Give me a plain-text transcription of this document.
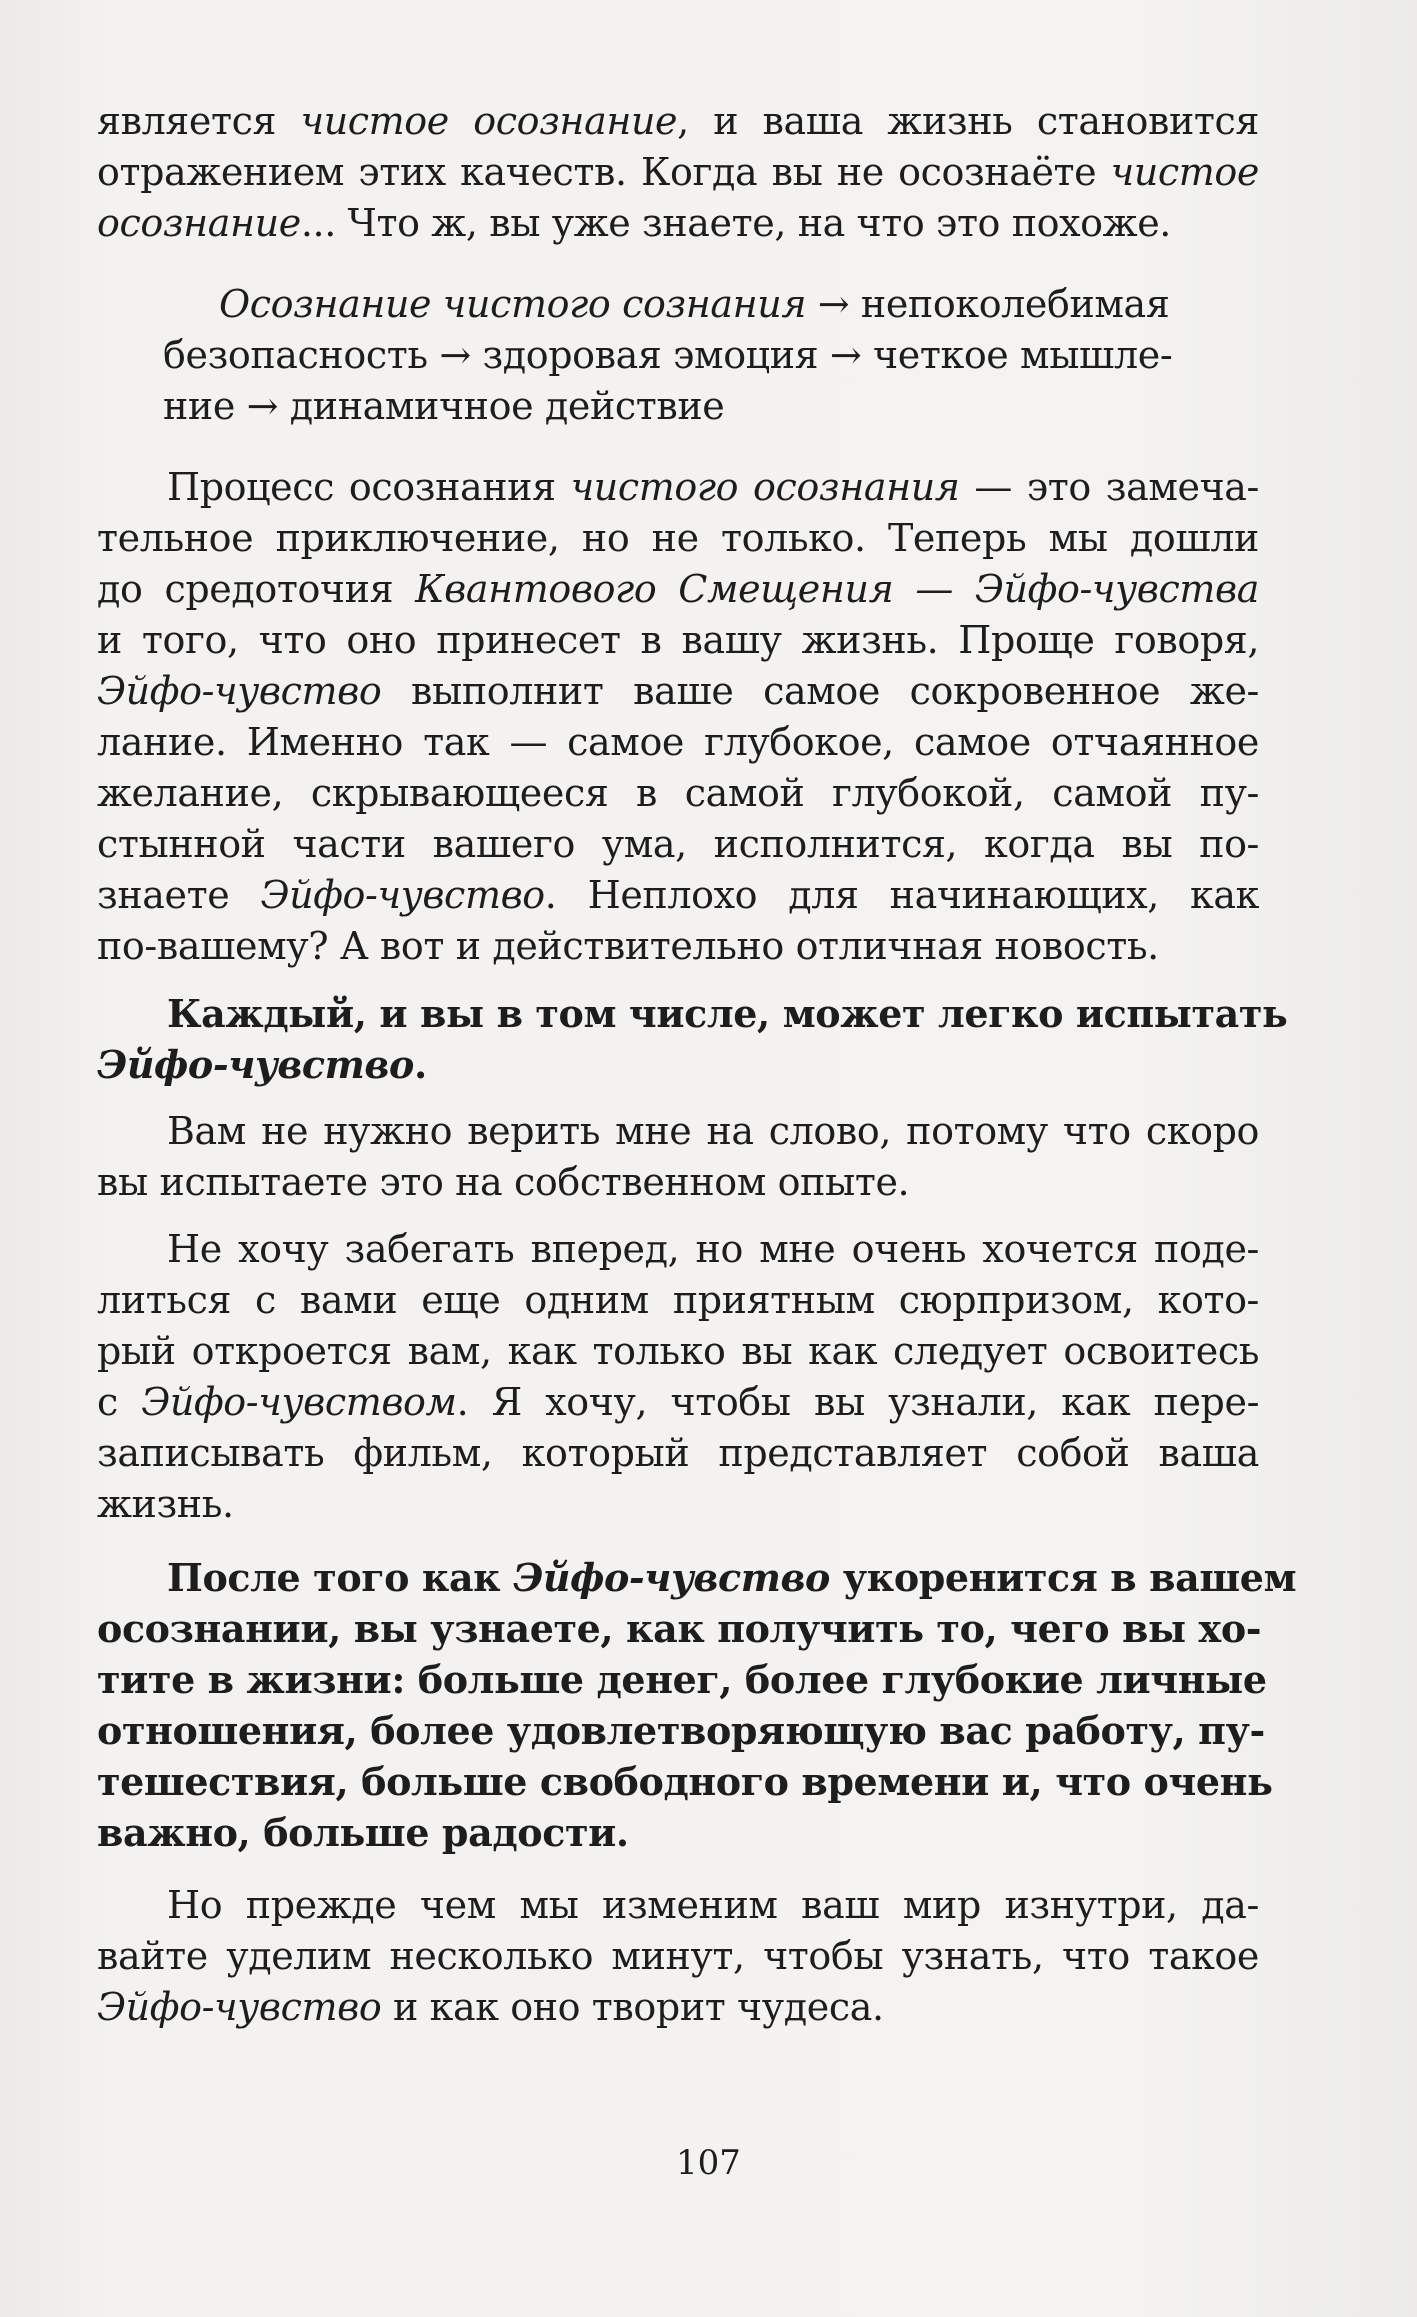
является чистое осознание, и ваша жизнь становится
отражением этих качеств. Когда вы не осознаёте чистое
осознание... Что ж, вы уже знаете, на что это похоже.
Осознание чистого сознания → непоколебимая
безопасность → здоровая эмоция → четкое мышле-
ние → динамичное действие
Процесс осознания чистого осознания — это замеча-
тельное приключение, но не только. Теперь мы дошли
до средоточия Квантового Смещения — Эйфо-чувства
и того, что оно принесет в вашу жизнь. Проще говоря,
Эйфо-чувство выполнит ваше самое сокровенное же-
лание. Именно так — самое глубокое, самое отчаянное
желание, скрывающееся в самой глубокой, самой пу-
стынной части вашего ума, исполнится, когда вы по-
знаете Эйфо-чувство. Неплохо для начинающих, как
по-вашему? А вот и действительно отличная новость.
Каждый, и вы в том числе, может легко испытать
Эйфо-чувство.
Вам не нужно верить мне на слово, потому что скоро
вы испытаете это на собственном опыте.
Не хочу забегать вперед, но мне очень хочется поде-
литься с вами еще одним приятным сюрпризом, кото-
рый откроется вам, как только вы как следует освоитесь
с Эйфо-чувством. Я хочу, чтобы вы узнали, как пере-
записывать фильм, который представляет собой ваша
жизнь.
После того как Эйфо-чувство укоренится в вашем
осознании, вы узнаете, как получить то, чего вы хо-
тите в жизни: больше денег, более глубокие личные
отношения, более удовлетворяющую вас работу, пу-
тешествия, больше свободного времени и, что очень
важно, больше радости.
Но прежде чем мы изменим ваш мир изнутри, да-
вайте уделим несколько минут, чтобы узнать, что такое
Эйфо-чувство и как оно творит чудеса.
107
